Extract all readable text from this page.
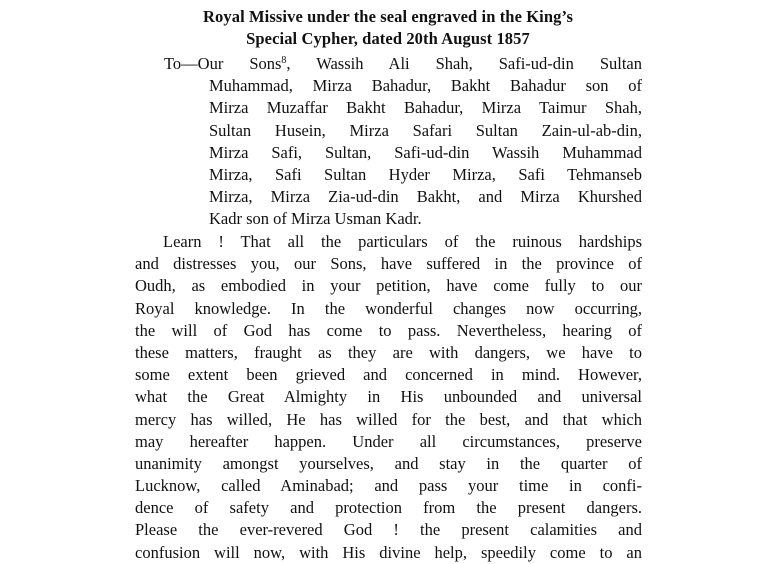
Royal Missive under the seal engraved in the King’s
Special Cypher, dated 20th August 1857
To—Our Sons$^8$, Wassih Ali Shah, Safi-ud-din Sultan
Muhammad, Mirza Bahadur, Bakht Bahadur son of
Mirza Muzaffar Bakht Bahadur, Mirza Taimur Shah,
Sultan Husein, Mirza Safari Sultan Zain-ul-ab-din,
Mirza Safi, Sultan, Safi-ud-din Wassih Muhammad
Mirza, Safi Sultan Hyder Mirza, Safi Tehmanseb
Mirza, Mirza Zia-ud-din Bakht, and Mirza Khurshed
Kadr son of Mirza Usman Kadr.
Learn ! That all the particulars of the ruinous hardships
and distresses you, our Sons, have suffered in the province of
Oudh, as embodied in your petition, have come fully to our
Royal knowledge. In the wonderful changes now occurring,
the will of God has come to pass. Nevertheless, hearing of
these matters, fraught as they are with dangers, we have to
some extent been grieved and concerned in mind. However,
what the Great Almighty in His unbounded and universal
mercy has willed, He has willed for the best, and that which
may hereafter happen. Under all circumstances, preserve
unanimity amongst yourselves, and stay in the quarter of
Lucknow, called Aminabad; and pass your time in confi-
dence of safety and protection from the present dangers.
Please the ever-revered God ! the present calamities and
confusion will now, with His divine help, speedily come to an
